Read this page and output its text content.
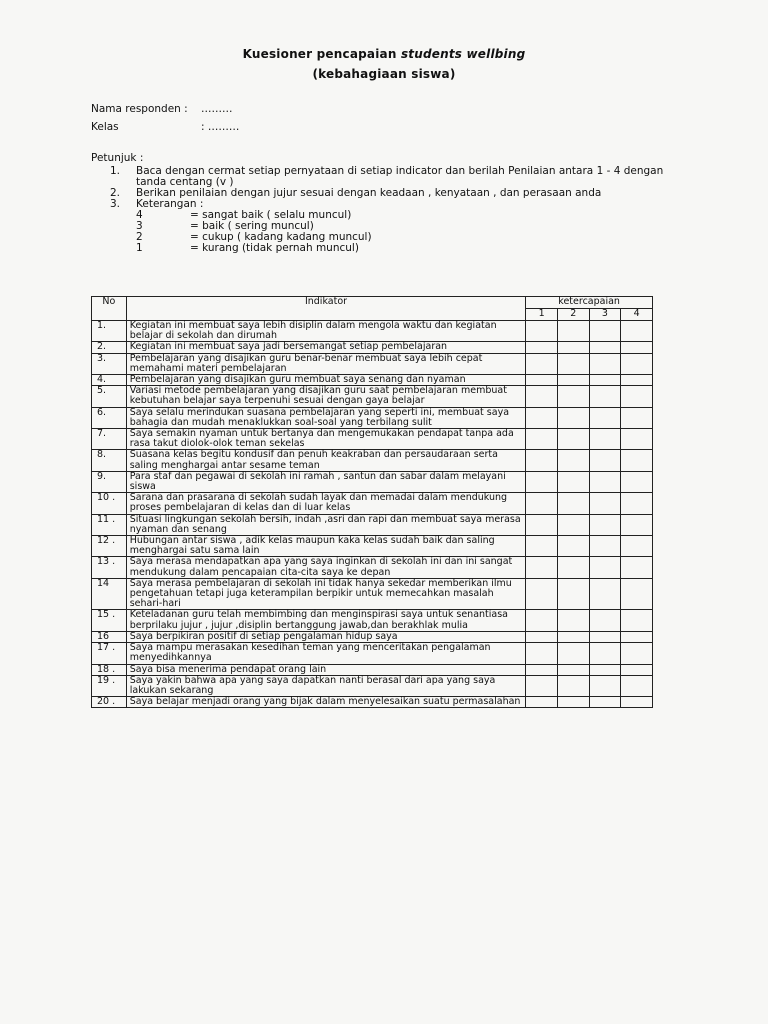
Kuesioner pencapaian students wellbing
(kebahagiaan siswa)
Nama responden : ………
Kelas	: ………
Petunjuk :
1.	Baca dengan cermat setiap pernyataan di setiap indicator dan berilah Penilaian antara 1 - 4 dengan tanda centang (v )
2.	Berikan penilaian dengan jujur sesuai dengan keadaan , kenyataan , dan perasaan anda
3.	Keterangan :
4	= sangat baik ( selalu muncul)
3	= baik ( sering muncul)
2	= cukup ( kadang kadang muncul)
1	= kurang (tidak pernah muncul)
No	Indikator	ketercapaian			
		1	2	3	4
1.	Kegiatan ini membuat saya lebih disiplin dalam mengola waktu dan kegiatan belajar di sekolah dan dirumah				
2.	Kegiatan ini membuat saya jadi bersemangat setiap pembelajaran				
3.	Pembelajaran yang disajikan guru benar-benar membuat saya lebih cepat memahami materi pembelajaran				
4.	Pembelajaran yang disajikan guru membuat saya senang dan nyaman				
5.	Variasi metode pembelajaran yang disajikan guru saat pembelajaran membuat kebutuhan belajar saya terpenuhi sesuai dengan gaya belajar				
6.	Saya selalu merindukan suasana pembelajaran yang seperti ini, membuat saya bahagia dan mudah menaklukkan soal-soal yang terbilang sulit				
7.	Saya semakin nyaman untuk bertanya dan mengemukakan pendapat tanpa ada rasa takut diolok-olok teman sekelas				
8.	Suasana kelas begitu kondusif dan penuh keakraban dan persaudaraan serta saling menghargai antar sesame teman				
9.	Para staf dan pegawai di sekolah ini ramah , santun dan sabar dalam melayani siswa				
10 .	Sarana dan prasarana di sekolah sudah layak dan memadai dalam mendukung proses pembelajaran di kelas dan di luar kelas				
11 .	Situasi lingkungan sekolah bersih, indah ,asri dan rapi dan membuat saya merasa nyaman dan senang				
12 .	Hubungan antar siswa , adik kelas maupun kaka kelas sudah baik dan saling menghargai satu sama lain				
13 .	Saya merasa mendapatkan apa yang saya inginkan di sekolah ini dan ini sangat mendukung dalam pencapaian cita-cita saya ke depan				
14	Saya merasa pembelajaran di sekolah ini tidak hanya sekedar memberikan ilmu pengetahuan tetapi juga keterampilan berpikir untuk memecahkan masalah sehari-hari				
15 .	Keteladanan guru telah membimbing dan menginspirasi saya untuk senantiasa berprilaku jujur , jujur ,disiplin bertanggung jawab,dan berakhlak mulia				
16	Saya berpikiran positif di setiap pengalaman hidup saya				
17 .	Saya mampu merasakan kesedihan teman yang menceritakan pengalaman menyedihkannya				
18 .	Saya bisa menerima pendapat orang lain				
19 .	Saya yakin bahwa apa yang saya dapatkan nanti berasal dari apa yang saya lakukan sekarang				
20 .	Saya belajar menjadi orang yang bijak dalam menyelesaikan suatu permasalahan				
